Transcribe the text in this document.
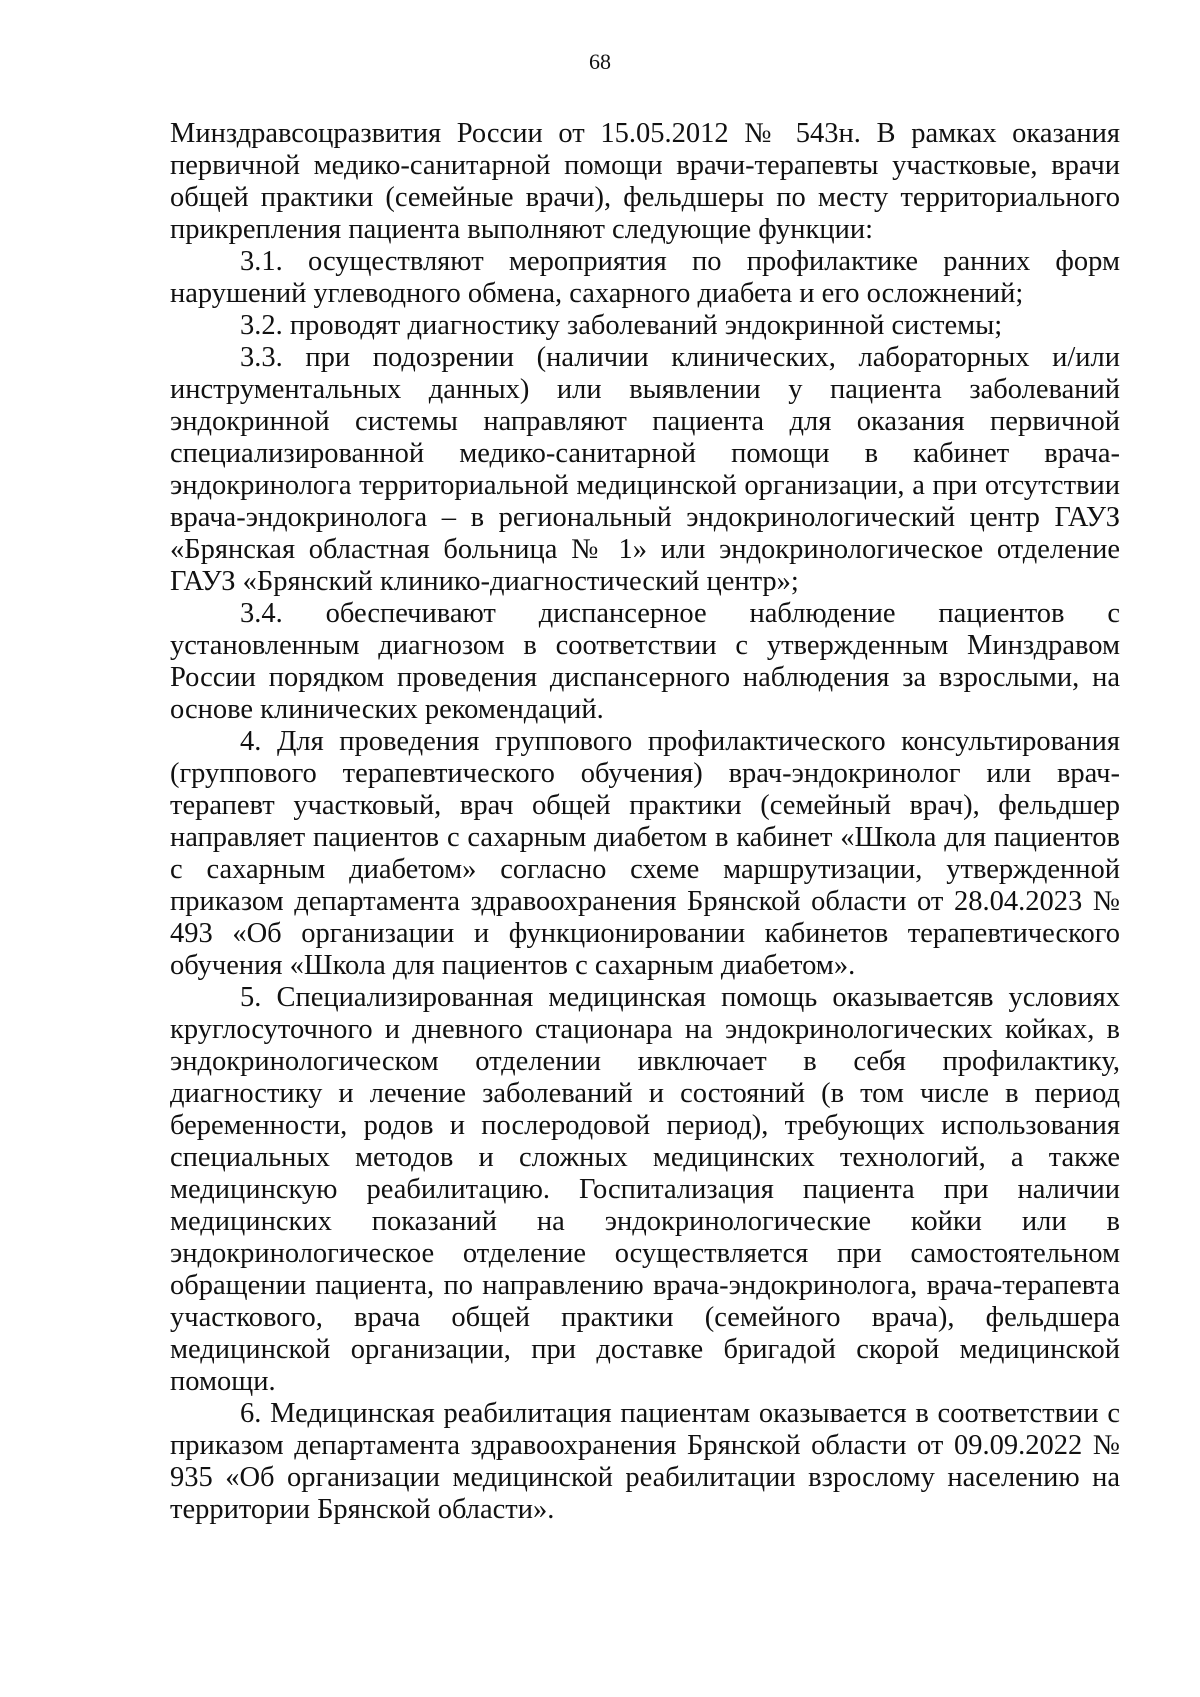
68

Минздравсоцразвития России от 15.05.2012 № 543н. В рамках оказания первичной медико-санитарной помощи врачи-терапевты участковые, врачи общей практики (семейные врачи), фельдшеры по месту территориального прикрепления пациента выполняют следующие функции:

3.1. осуществляют мероприятия по профилактике ранних форм нарушений углеводного обмена, сахарного диабета и его осложнений;

3.2. проводят диагностику заболеваний эндокринной системы;

3.3. при подозрении (наличии клинических, лабораторных и/или инструментальных данных) или выявлении у пациента заболеваний эндокринной системы направляют пациента для оказания первичной специализированной медико-санитарной помощи в кабинет врача-эндокринолога территориальной медицинской организации, а при отсутствии врача-эндокринолога – в региональный эндокринологический центр ГАУЗ «Брянская областная больница № 1» или эндокринологическое отделение ГАУЗ «Брянский клинико-диагностический центр»;

3.4. обеспечивают диспансерное наблюдение пациентов с установленным диагнозом в соответствии с утвержденным Минздравом России порядком проведения диспансерного наблюдения за взрослыми, на основе клинических рекомендаций.

4. Для проведения группового профилактического консультирования (группового терапевтического обучения) врач-эндокринолог или врач-терапевт участковый, врач общей практики (семейный врач), фельдшер направляет пациентов с сахарным диабетом в кабинет «Школа для пациентов с сахарным диабетом» согласно схеме маршрутизации, утвержденной приказом департамента здравоохранения Брянской области от 28.04.2023 № 493 «Об организации и функционировании кабинетов терапевтического обучения «Школа для пациентов с сахарным диабетом».

5. Специализированная медицинская помощь оказываетсяв условиях круглосуточного и дневного стационара на эндокринологических койках, в эндокринологическом отделении ивключает в себя профилактику, диагностику и лечение заболеваний и состояний (в том числе в период беременности, родов и послеродовой период), требующих использования специальных методов и сложных медицинских технологий, а также медицинскую реабилитацию. Госпитализация пациента при наличии медицинских показаний на эндокринологические койки или в эндокринологическое отделение осуществляется при самостоятельном обращении пациента, по направлению врача-эндокринолога, врача-терапевта участкового, врача общей практики (семейного врача), фельдшера медицинской организации, при доставке бригадой скорой медицинской помощи.

6. Медицинская реабилитация пациентам оказывается в соответствии с приказом департамента здравоохранения Брянской области от 09.09.2022 № 935 «Об организации медицинской реабилитации взрослому населению на территории Брянской области».
